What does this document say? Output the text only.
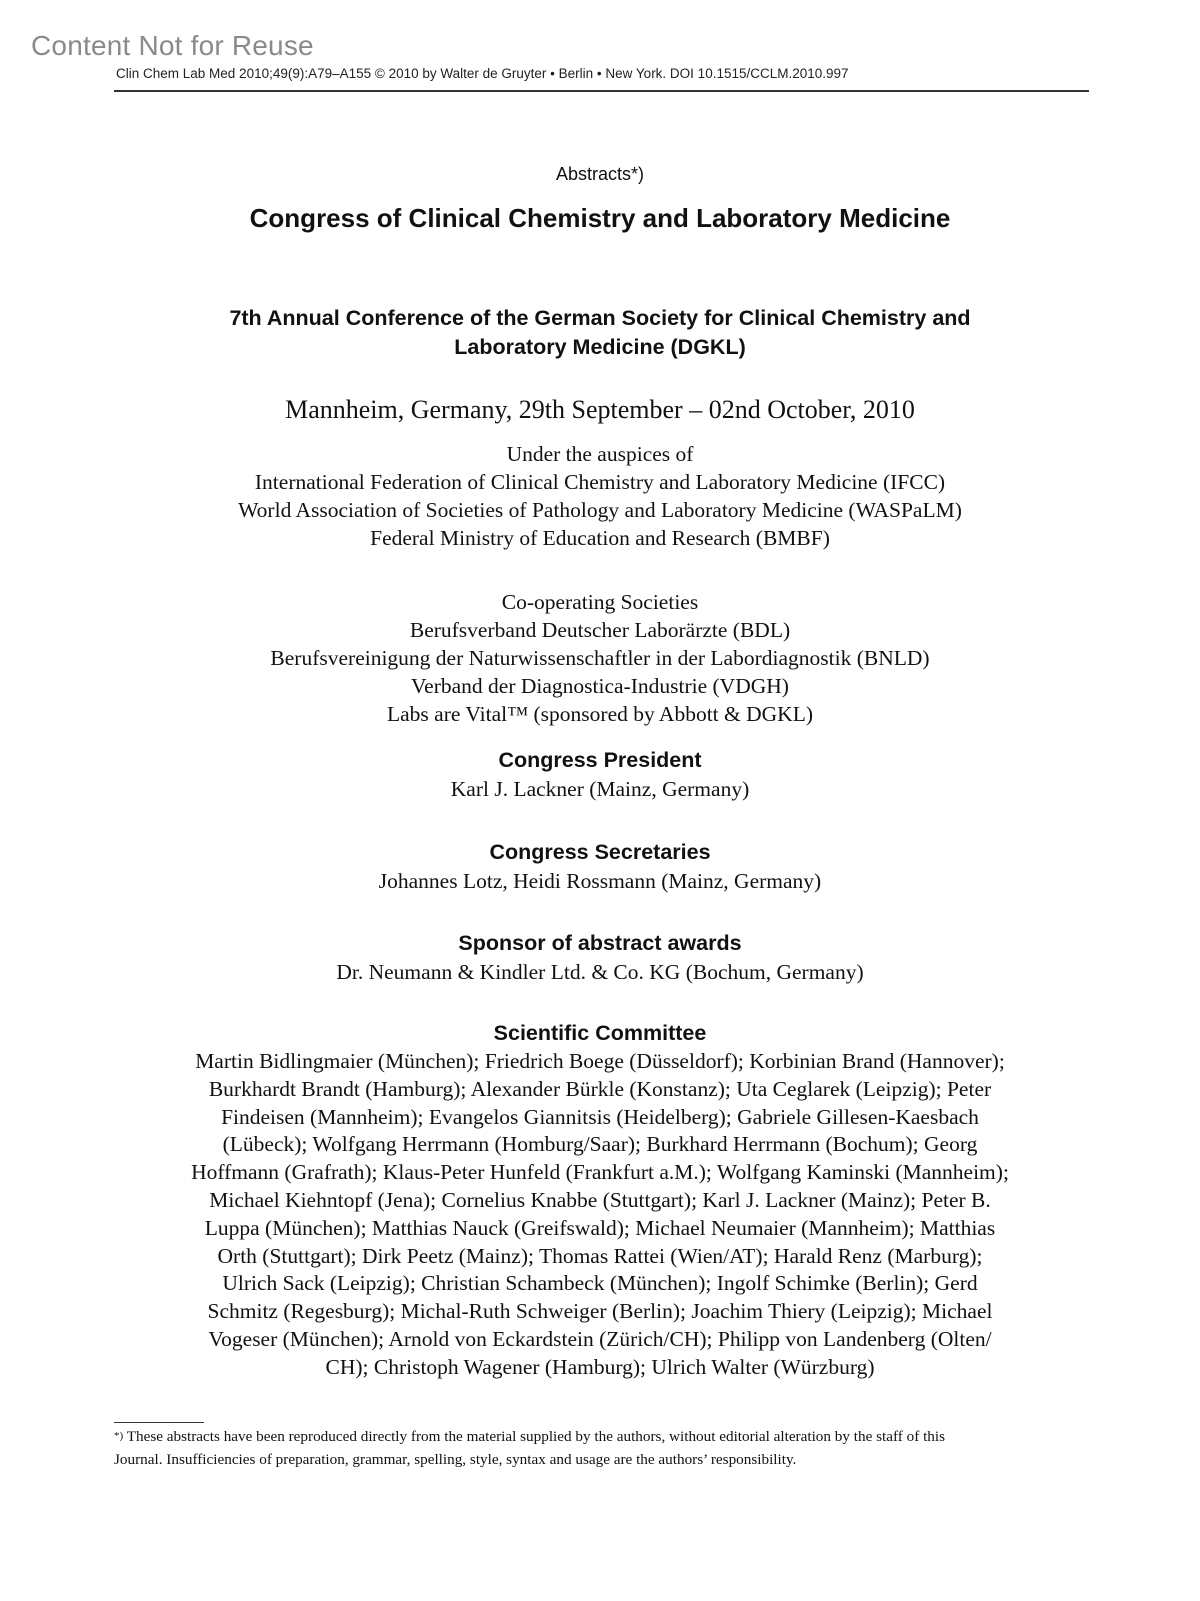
Content Not for Reuse
Clin Chem Lab Med 2010;49(9):A79–A155 © 2010 by Walter de Gruyter • Berlin • New York. DOI 10.1515/CCLM.2010.997
Abstracts*)
Congress of Clinical Chemistry and Laboratory Medicine
7th Annual Conference of the German Society for Clinical Chemistry and
Laboratory Medicine (DGKL)
Mannheim, Germany, 29th September – 02nd October, 2010
Under the auspices of
International Federation of Clinical Chemistry and Laboratory Medicine (IFCC)
World Association of Societies of Pathology and Laboratory Medicine (WASPaLM)
Federal Ministry of Education and Research (BMBF)
Co-operating Societies
Berufsverband Deutscher Laborärzte (BDL)
Berufsvereinigung der Naturwissenschaftler in der Labordiagnostik (BNLD)
Verband der Diagnostica-Industrie (VDGH)
Labs are Vital™ (sponsored by Abbott & DGKL)
Congress President
Karl J. Lackner (Mainz, Germany)
Congress Secretaries
Johannes Lotz, Heidi Rossmann (Mainz, Germany)
Sponsor of abstract awards
Dr. Neumann & Kindler Ltd. & Co. KG (Bochum, Germany)
Scientific Committee
Martin Bidlingmaier (München); Friedrich Boege (Düsseldorf); Korbinian Brand (Hannover);
Burkhardt Brandt (Hamburg); Alexander Bürkle (Konstanz); Uta Ceglarek (Leipzig); Peter
Findeisen (Mannheim); Evangelos Giannitsis (Heidelberg); Gabriele Gillesen-Kaesbach
(Lübeck); Wolfgang Herrmann (Homburg/Saar); Burkhard Herrmann (Bochum); Georg
Hoffmann (Grafrath); Klaus-Peter Hunfeld (Frankfurt a.M.); Wolfgang Kaminski (Mannheim);
Michael Kiehntopf (Jena); Cornelius Knabbe (Stuttgart); Karl J. Lackner (Mainz); Peter B.
Luppa (München); Matthias Nauck (Greifswald); Michael Neumaier (Mannheim); Matthias
Orth (Stuttgart); Dirk Peetz (Mainz); Thomas Rattei (Wien/AT); Harald Renz (Marburg);
Ulrich Sack (Leipzig); Christian Schambeck (München); Ingolf Schimke (Berlin); Gerd
Schmitz (Regesburg); Michal-Ruth Schweiger (Berlin); Joachim Thiery (Leipzig); Michael
Vogeser (München); Arnold von Eckardstein (Zürich/CH); Philipp von Landenberg (Olten/
CH); Christoph Wagener (Hamburg); Ulrich Walter (Würzburg)
*) These abstracts have been reproduced directly from the material supplied by the authors, without editorial alteration by the staff of this
Journal. Insufficiencies of preparation, grammar, spelling, style, syntax and usage are the authors’ responsibility.
